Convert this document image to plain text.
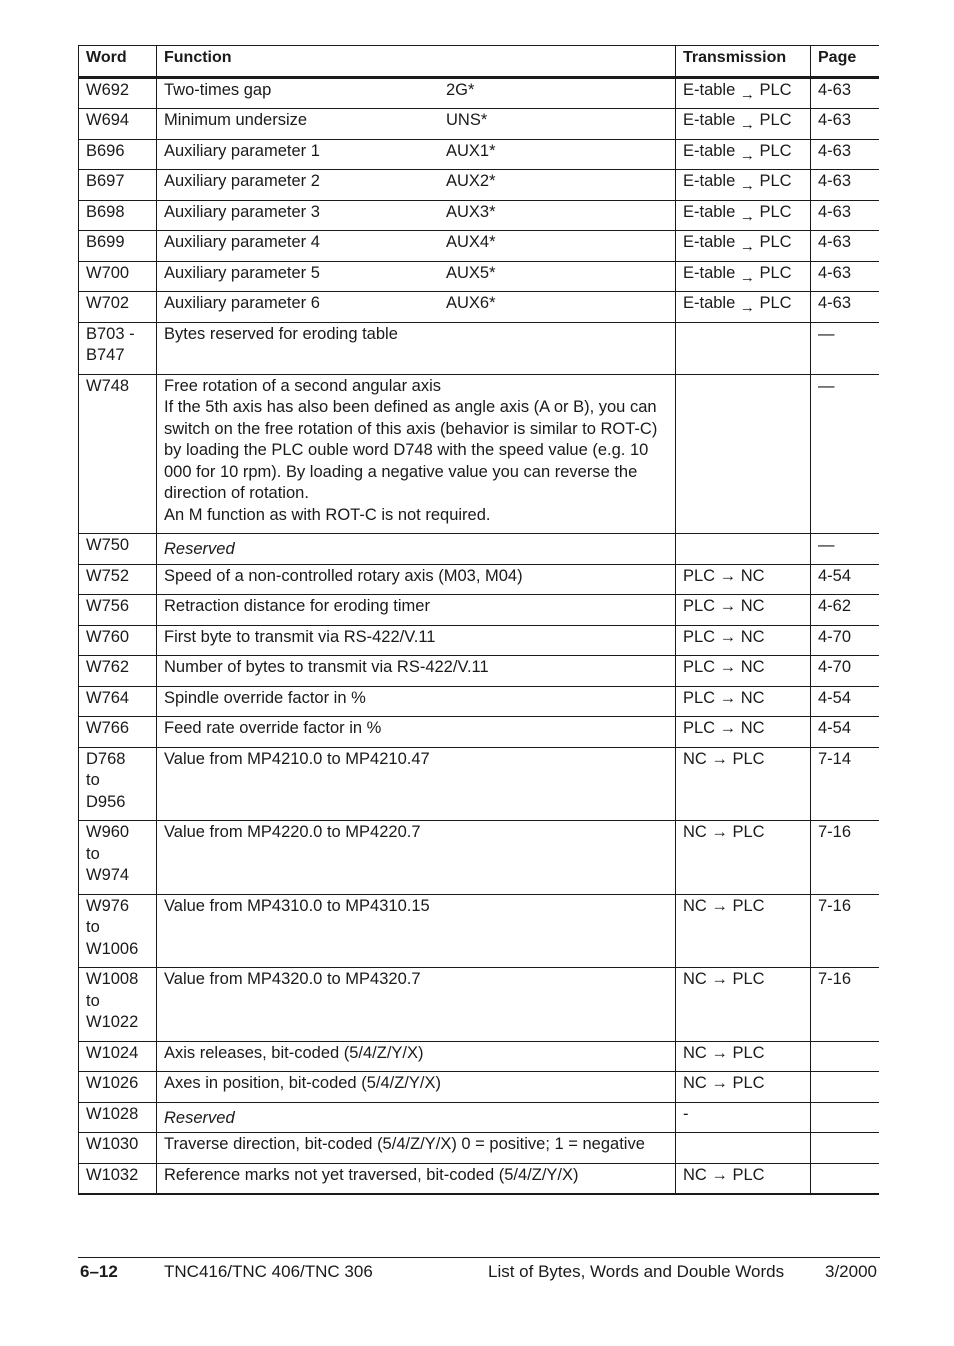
Word	Function	Transmission	Page
W692	Two-times gap 2G*	E-table → PLC	4-63
W694	Minimum undersize UNS*	E-table → PLC	4-63
B696	Auxiliary parameter 1 AUX1*	E-table → PLC	4-63
B697	Auxiliary parameter 2 AUX2*	E-table → PLC	4-63
B698	Auxiliary parameter 3 AUX3*	E-table → PLC	4-63
B699	Auxiliary parameter 4 AUX4*	E-table → PLC	4-63
W700	Auxiliary parameter 5 AUX5*	E-table → PLC	4-63
W702	Auxiliary parameter 6 AUX6*	E-table → PLC	4-63
B703 -
B747	Bytes reserved for eroding table		—
W748	Free rotation of a second angular axis
If the 5th axis has also been defined as angle axis (A or B), you can switch on the free rotation of this axis (behavior is similar to ROT-C) by loading the PLC ouble word D748 with the speed value (e.g. 10 000 for 10 rpm). By loading a negative value you can reverse the direction of rotation.
An M function as with ROT-C is not required.		—
W750	Reserved		—
W752	Speed of a non-controlled rotary axis (M03, M04)	PLC → NC	4-54
W756	Retraction distance for eroding timer	PLC → NC	4-62
W760	First byte to transmit via RS-422/V.11	PLC → NC	4-70
W762	Number of bytes to transmit via RS-422/V.11	PLC → NC	4-70
W764	Spindle override factor in %	PLC → NC	4-54
W766	Feed rate override factor in %	PLC → NC	4-54
D768
to
D956	Value from MP4210.0 to MP4210.47	NC → PLC	7-14
W960
to
W974	Value from MP4220.0 to MP4220.7	NC → PLC	7-16
W976
to
W1006	Value from MP4310.0 to MP4310.15	NC → PLC	7-16
W1008
to
W1022	Value from MP4320.0 to MP4320.7	NC → PLC	7-16
W1024	Axis releases, bit-coded (5/4/Z/Y/X)	NC → PLC	
W1026	Axes in position, bit-coded (5/4/Z/Y/X)	NC → PLC	
W1028	Reserved	-	
W1030	Traverse direction, bit-coded (5/4/Z/Y/X) 0 = positive; 1 = negative		
W1032	Reference marks not yet traversed, bit-coded (5/4/Z/Y/X)	NC → PLC	
6–12	TNC416/TNC 406/TNC 306	List of Bytes, Words and Double Words 3/2000
